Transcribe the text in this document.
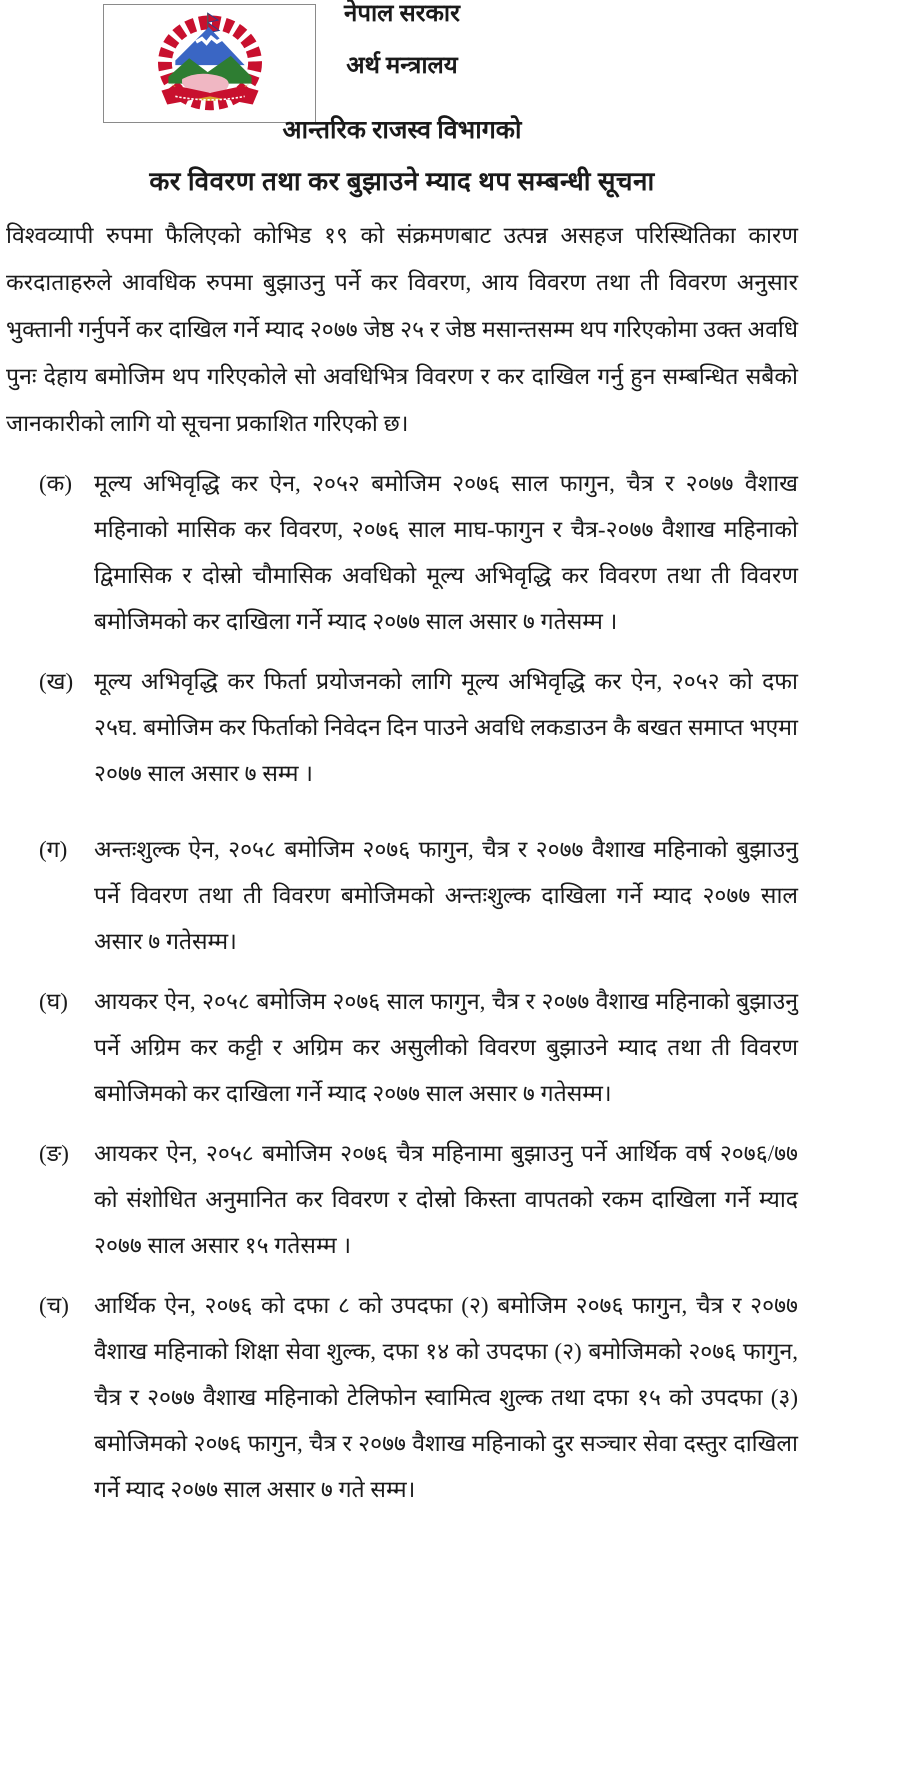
नेपाल सरकार
अर्थ मन्त्रालय
आन्तरिक राजस्व विभागको
कर विवरण तथा कर बुझाउने म्याद थप सम्बन्धी सूचना
विश्वव्यापी रुपमा फैलिएको कोभिड १९ को संक्रमणबाट उत्पन्न असहज परिस्थितिका कारण करदाताहरुले आवधिक रुपमा बुझाउनु पर्ने कर विवरण, आय विवरण तथा ती विवरण अनुसार भुक्तानी गर्नुपर्ने कर दाखिल गर्ने म्याद २०७७ जेष्ठ २५ र जेष्ठ मसान्तसम्म थप गरिएकोमा उक्त अवधि पुनः देहाय बमोजिम थप गरिएकोले सो अवधिभित्र विवरण र कर दाखिल गर्नु हुन सम्बन्धित सबैको जानकारीको लागि यो सूचना प्रकाशित गरिएको छ।
(क) मूल्य अभिवृद्धि कर ऐन, २०५२ बमोजिम २०७६ साल फागुन, चैत्र र २०७७ वैशाख महिनाको मासिक कर विवरण, २०७६ साल माघ-फागुन र चैत्र-२०७७ वैशाख महिनाको द्विमासिक र दोस्रो चौमासिक अवधिको मूल्य अभिवृद्धि कर विवरण तथा ती विवरण बमोजिमको कर दाखिला गर्ने म्याद २०७७ साल असार ७ गतेसम्म ।
(ख) मूल्य अभिवृद्धि कर फिर्ता प्रयोजनको लागि मूल्य अभिवृद्धि कर ऐन, २०५२ को दफा २५घ. बमोजिम कर फिर्ताको निवेदन दिन पाउने अवधि लकडाउन कै बखत समाप्त भएमा २०७७ साल असार ७ सम्म ।
(ग) अन्तःशुल्क ऐन, २०५८ बमोजिम २०७६ फागुन, चैत्र र २०७७ वैशाख महिनाको बुझाउनु पर्ने विवरण तथा ती विवरण बमोजिमको अन्तःशुल्क दाखिला गर्ने म्याद २०७७ साल असार ७ गतेसम्म।
(घ) आयकर ऐन, २०५८ बमोजिम २०७६ साल फागुन, चैत्र र २०७७ वैशाख महिनाको बुझाउनु पर्ने अग्रिम कर कट्टी र अग्रिम कर असुलीको विवरण बुझाउने म्याद तथा ती विवरण बमोजिमको कर दाखिला गर्ने म्याद २०७७ साल असार ७ गतेसम्म।
(ङ) आयकर ऐन, २०५८ बमोजिम २०७६ चैत्र महिनामा बुझाउनु पर्ने आर्थिक वर्ष २०७६/७७ को संशोधित अनुमानित कर विवरण र दोस्रो किस्ता वापतको रकम दाखिला गर्ने म्याद २०७७ साल असार १५ गतेसम्म ।
(च) आर्थिक ऐन, २०७६ को दफा ८ को उपदफा (२) बमोजिम २०७६ फागुन, चैत्र र २०७७ वैशाख महिनाको शिक्षा सेवा शुल्क, दफा १४ को उपदफा (२) बमोजिमको २०७६ फागुन, चैत्र र २०७७ वैशाख महिनाको टेलिफोन स्वामित्व शुल्क तथा दफा १५ को उपदफा (३) बमोजिमको २०७६ फागुन, चैत्र र २०७७ वैशाख महिनाको दुर सञ्चार सेवा दस्तुर दाखिला गर्ने म्याद २०७७ साल असार ७ गते सम्म।
